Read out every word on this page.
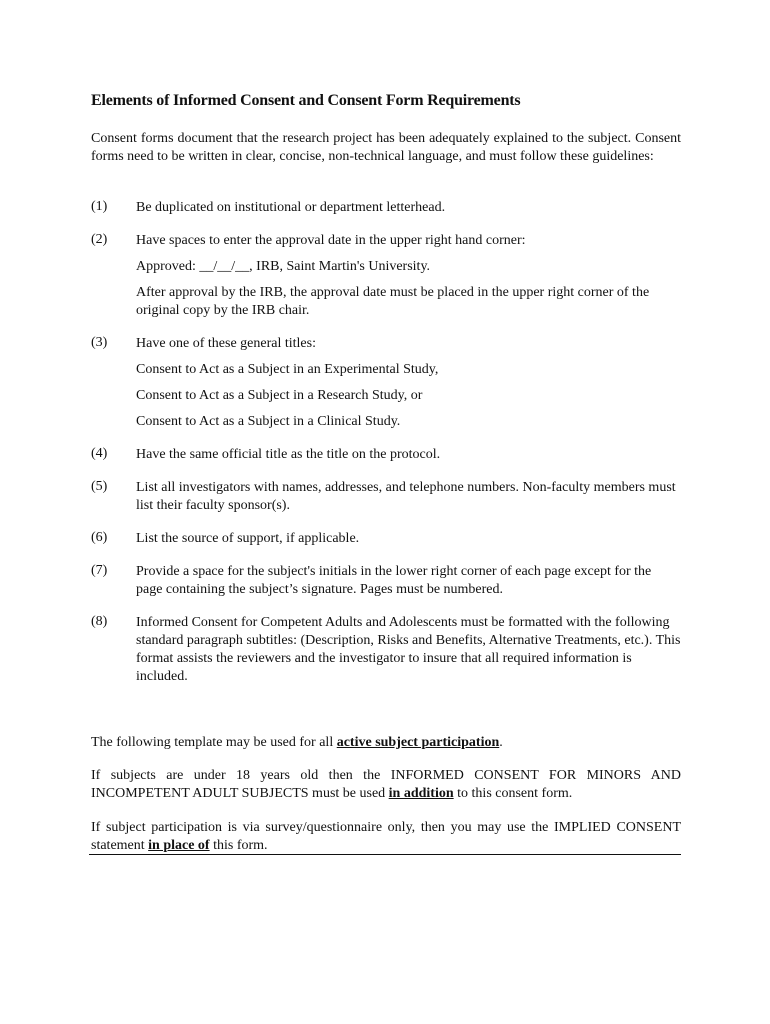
Elements of Informed Consent and Consent Form Requirements
Consent forms document that the research project has been adequately explained to the subject. Consent forms need to be written in clear, concise, non-technical language, and must follow these guidelines:
(1) Be duplicated on institutional or department letterhead.
(2) Have spaces to enter the approval date in the upper right hand corner:
Approved: __/__/__, IRB, Saint Martin's University.
After approval by the IRB, the approval date must be placed in the upper right corner of the original copy by the IRB chair.
(3) Have one of these general titles:
Consent to Act as a Subject in an Experimental Study,
Consent to Act as a Subject in a Research Study, or
Consent to Act as a Subject in a Clinical Study.
(4) Have the same official title as the title on the protocol.
(5) List all investigators with names, addresses, and telephone numbers. Non-faculty members must list their faculty sponsor(s).
(6) List the source of support, if applicable.
(7) Provide a space for the subject's initials in the lower right corner of each page except for the page containing the subject’s signature. Pages must be numbered.
(8) Informed Consent for Competent Adults and Adolescents must be formatted with the following standard paragraph subtitles: (Description, Risks and Benefits, Alternative Treatments, etc.). This format assists the reviewers and the investigator to insure that all required information is included.
The following template may be used for all active subject participation.
If subjects are under 18 years old then the INFORMED CONSENT FOR MINORS AND INCOMPETENT ADULT SUBJECTS must be used in addition to this consent form.
If subject participation is via survey/questionnaire only, then you may use the IMPLIED CONSENT statement in place of this form.
